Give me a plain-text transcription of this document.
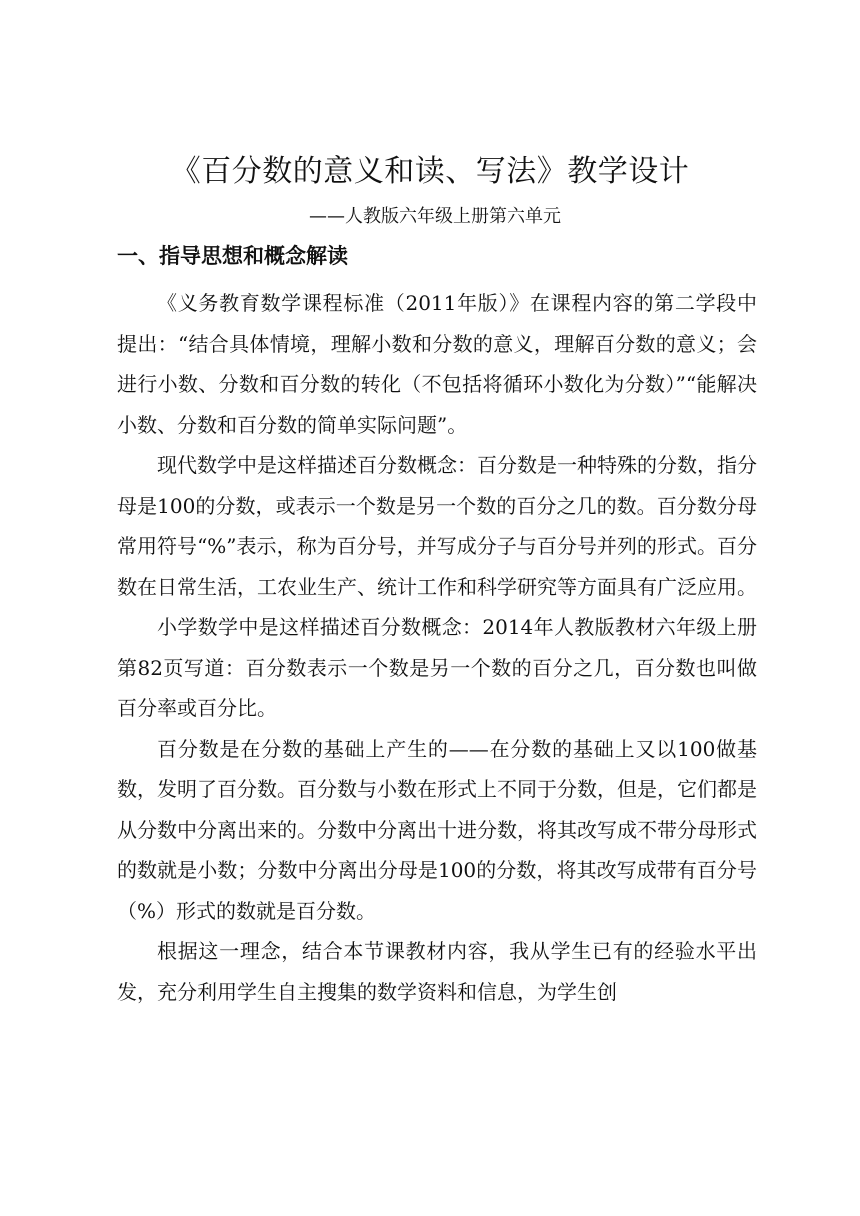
《百分数的意义和读、写法》教学设计
——人教版六年级上册第六单元
一、指导思想和概念解读

《义务教育数学课程标准（2011年版）》在课程内容的第二学段中提出：“结合具体情境，理解小数和分数的意义，理解百分数的意义；会进行小数、分数和百分数的转化（不包括将循环小数化为分数）”“能解决小数、分数和百分数的简单实际问题”。

现代数学中是这样描述百分数概念：百分数是一种特殊的分数，指分母是100的分数，或表示一个数是另一个数的百分之几的数。百分数分母常用符号“%”表示，称为百分号，并写成分子与百分号并列的形式。百分数在日常生活，工农业生产、统计工作和科学研究等方面具有广泛应用。

小学数学中是这样描述百分数概念：2014年人教版教材六年级上册第82页写道：百分数表示一个数是另一个数的百分之几，百分数也叫做百分率或百分比。

百分数是在分数的基础上产生的——在分数的基础上又以100做基数，发明了百分数。百分数与小数在形式上不同于分数，但是，它们都是从分数中分离出来的。分数中分离出十进分数，将其改写成不带分母形式的数就是小数；分数中分离出分母是100的分数，将其改写成带有百分号（%）形式的数就是百分数。

根据这一理念，结合本节课教材内容，我从学生已有的经验水平出发，充分利用学生自主搜集的数学资料和信息，为学生创
